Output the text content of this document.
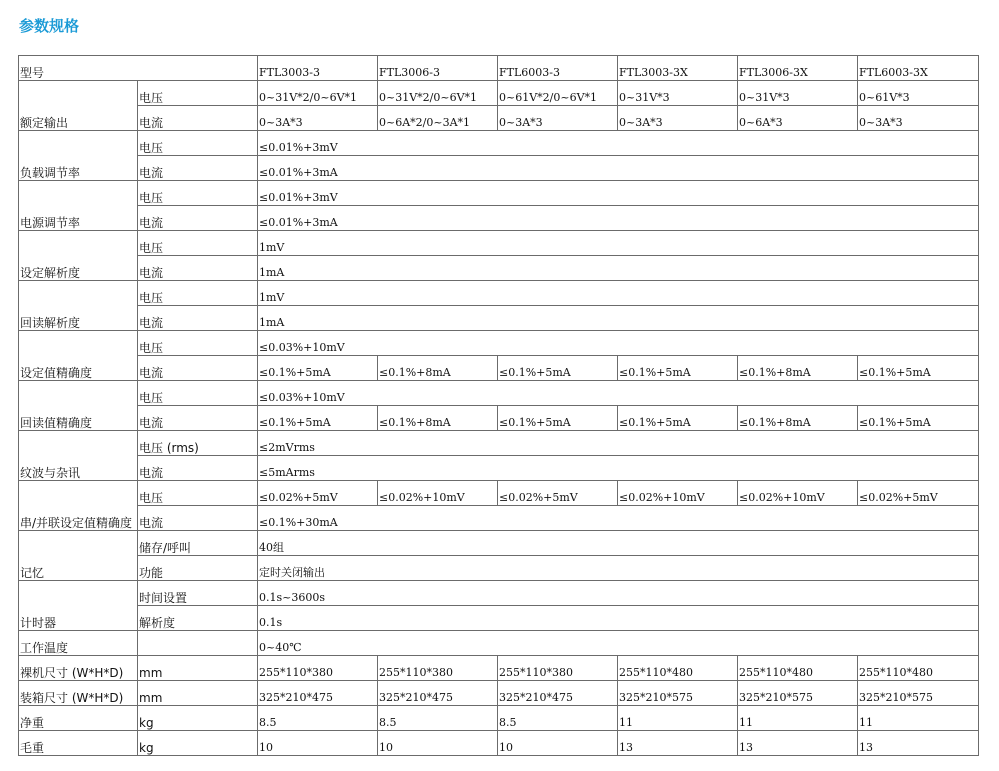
参数规格

型号		FTL3003-3	FTL3006-3	FTL6003-3	FTL3003-3X	FTL3006-3X	FTL6003-3X
额定输出	电压	0~31V*2/0~6V*1	0~31V*2/0~6V*1	0~61V*2/0~6V*1	0~31V*3	0~31V*3	0~61V*3
	电流	0~3A*3	0~6A*2/0~3A*1	0~3A*3	0~3A*3	0~6A*3	0~3A*3
负载调节率	电压	≤0.01%+3mV					
	电流	≤0.01%+3mA					
电源调节率	电压	≤0.01%+3mV					
	电流	≤0.01%+3mA					
设定解析度	电压	1mV					
	电流	1mA					
回读解析度	电压	1mV					
	电流	1mA					
设定值精确度	电压	≤0.03%+10mV					
	电流	≤0.1%+5mA	≤0.1%+8mA	≤0.1%+5mA	≤0.1%+5mA	≤0.1%+8mA	≤0.1%+5mA
回读值精确度	电压	≤0.03%+10mV					
	电流	≤0.1%+5mA	≤0.1%+8mA	≤0.1%+5mA	≤0.1%+5mA	≤0.1%+8mA	≤0.1%+5mA
纹波与杂讯	电压 (rms)	≤2mVrms					
	电流	≤5mArms					
串/并联设定值精确度	电压	≤0.02%+5mV	≤0.02%+10mV	≤0.02%+5mV	≤0.02%+10mV	≤0.02%+10mV	≤0.02%+5mV
	电流	≤0.1%+30mA					
记忆	储存/呼叫	40组					
	功能	定时关闭输出					
计时器	时间设置	0.1s~3600s					
	解析度	0.1s					
工作温度		0~40℃					
裸机尺寸 (W*H*D)	mm	255*110*380	255*110*380	255*110*380	255*110*480	255*110*480	255*110*480
装箱尺寸 (W*H*D)	mm	325*210*475	325*210*475	325*210*475	325*210*575	325*210*575	325*210*575
净重	kg	8.5	8.5	8.5	11	11	11
毛重	kg	10	10	10	13	13	13
